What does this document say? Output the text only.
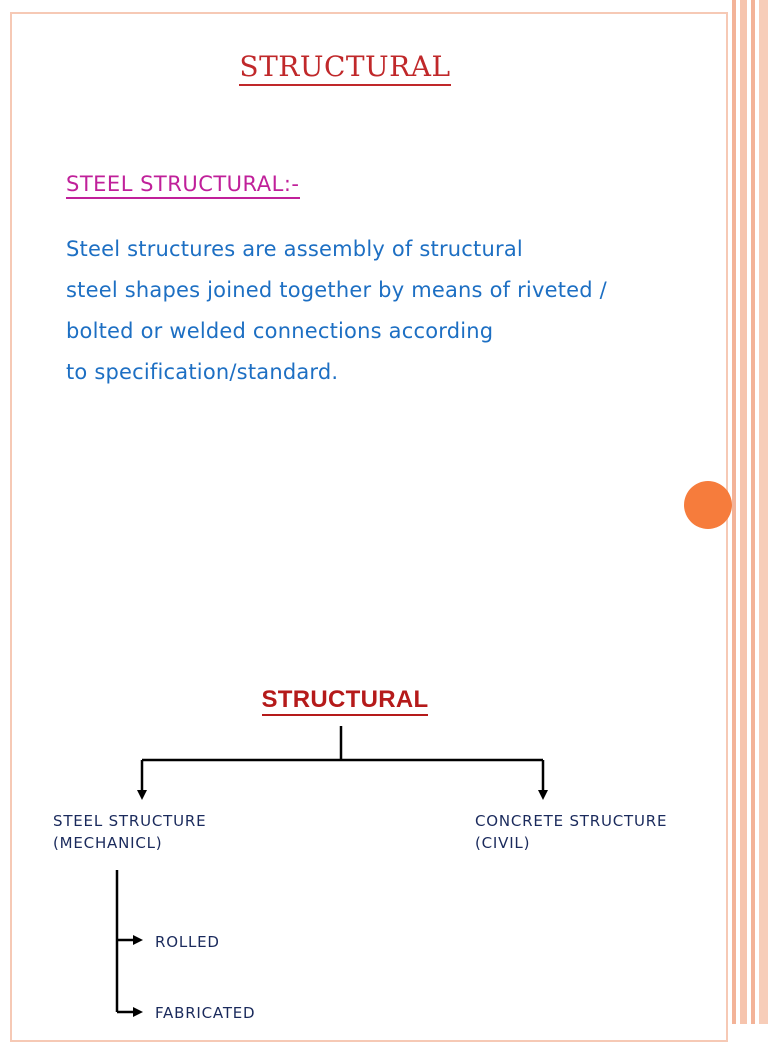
STRUCTURAL
STEEL STRUCTURAL:-
Steel structures are assembly of structural
steel shapes joined together by means of riveted /
bolted or welded connections according
to specification/standard.
STRUCTURAL
STEEL STRUCTURE
(MECHANICL)
CONCRETE STRUCTURE
(CIVIL)
ROLLED
FABRICATED
